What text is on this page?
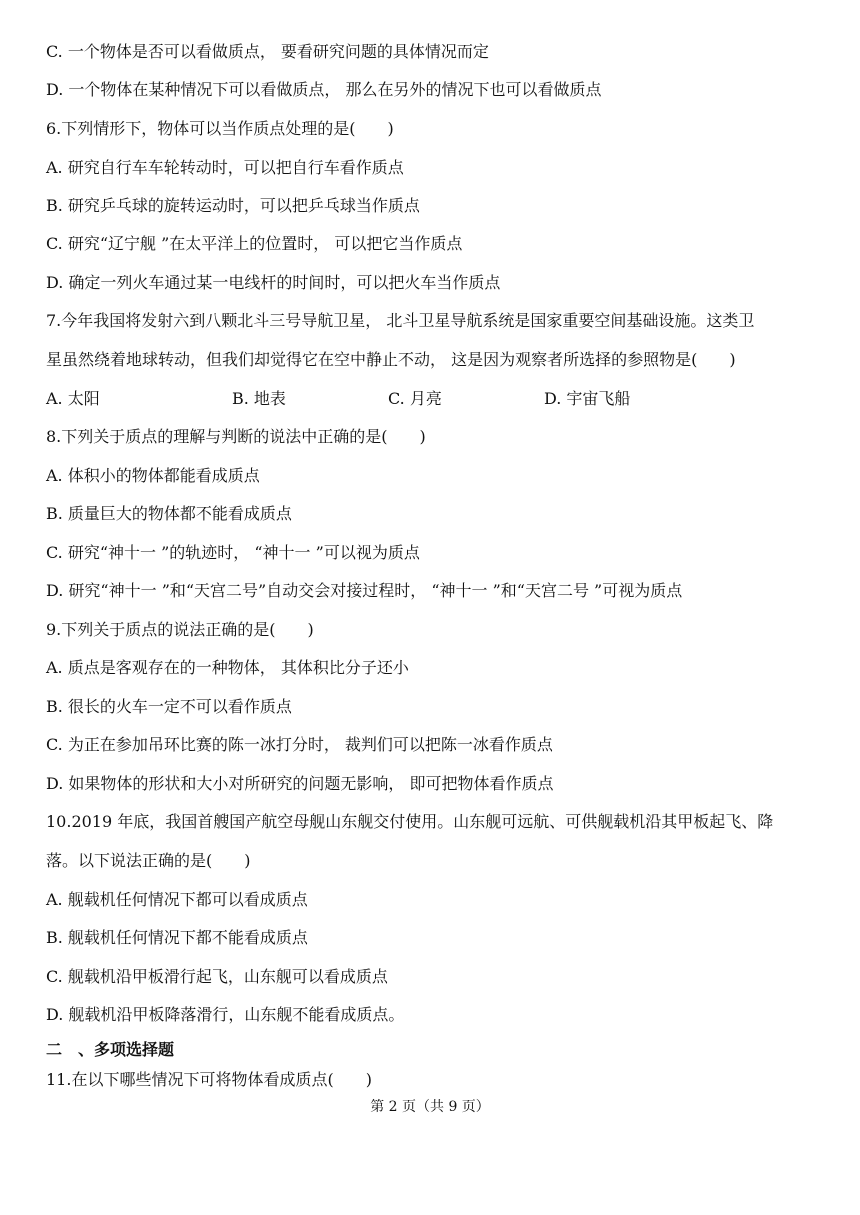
C. 一个物体是否可以看做质点， 要看研究问题的具体情况而定
D. 一个物体在某种情况下可以看做质点， 那么在另外的情况下也可以看做质点
6.下列情形下，物体可以当作质点处理的是(　　)
A. 研究自行车车轮转动时，可以把自行车看作质点
B. 研究乒乓球的旋转运动时，可以把乒乓球当作质点
C. 研究“辽宁舰 ”在太平洋上的位置时， 可以把它当作质点
D. 确定一列火车通过某一电线杆的时间时，可以把火车当作质点
7.今年我国将发射六到八颗北斗三号导航卫星， 北斗卫星导航系统是国家重要空间基础设施。这类卫
星虽然绕着地球转动，但我们却觉得它在空中静止不动， 这是因为观察者所选择的参照物是(　　)
A. 太阳	B. 地表	C. 月亮	D. 宇宙飞船
8.下列关于质点的理解与判断的说法中正确的是(　　)
A. 体积小的物体都能看成质点
B. 质量巨大的物体都不能看成质点
C. 研究“神十一 ”的轨迹时， “神十一 ”可以视为质点
D. 研究“神十一 ”和“天宫二号”自动交会对接过程时， “神十一 ”和“天宫二号 ”可视为质点
9.下列关于质点的说法正确的是(　　)
A. 质点是客观存在的一种物体， 其体积比分子还小
B. 很长的火车一定不可以看作质点
C. 为正在参加吊环比赛的陈一冰打分时， 裁判们可以把陈一冰看作质点
D. 如果物体的形状和大小对所研究的问题无影响， 即可把物体看作质点
10.2019 年底，我国首艘国产航空母舰山东舰交付使用。山东舰可远航、可供舰载机沿其甲板起飞、降
落。以下说法正确的是(　　)
A. 舰载机任何情况下都可以看成质点
B. 舰载机任何情况下都不能看成质点
C. 舰载机沿甲板滑行起飞，山东舰可以看成质点
D. 舰载机沿甲板降落滑行，山东舰不能看成质点。
二　、多项选择题
11.在以下哪些情况下可将物体看成质点(　　)
第 2 页（共 9 页）
